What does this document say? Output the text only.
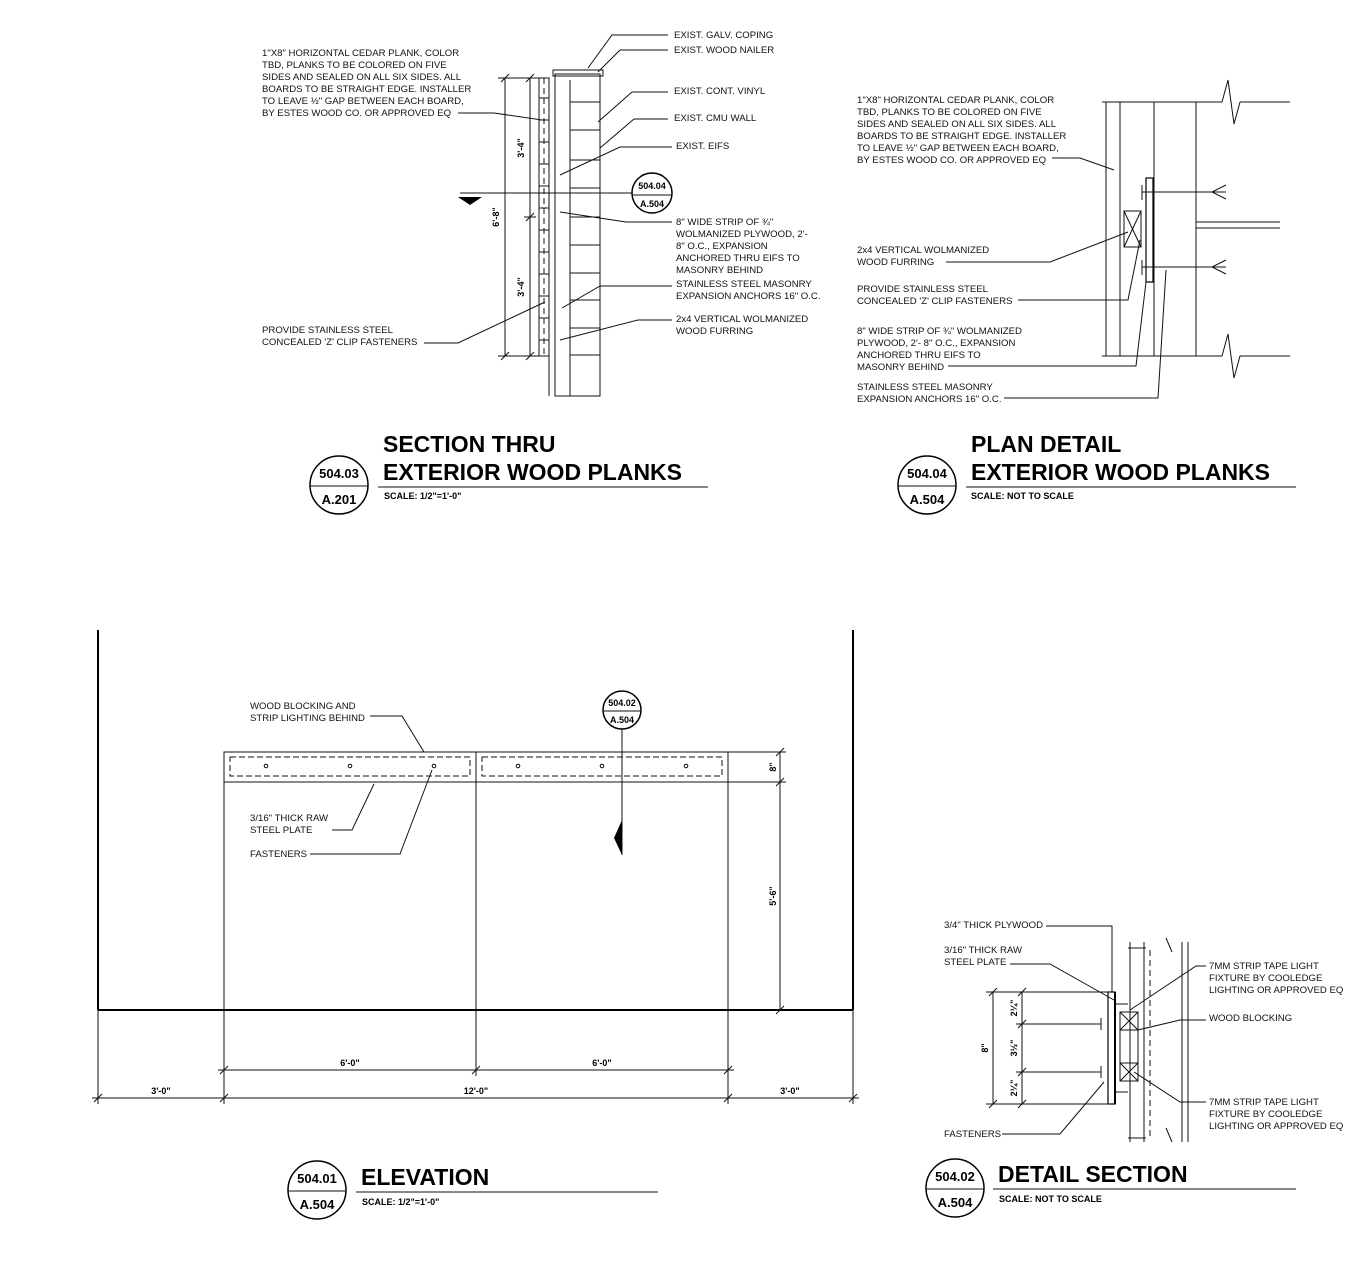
3'-4"
6'-8"
3'-4"
504.04
A.504
1"X8" HORIZONTAL CEDAR PLANK, COLOR TBD, PLANKS TO BE COLORED ON FIVE SIDES AND SEALED ON ALL SIX SIDES. ALL BOARDS TO BE STRAIGHT EDGE. INSTALLER TO LEAVE ½" GAP BETWEEN EACH BOARD, BY ESTES WOOD CO. OR APPROVED EQ
EXIST. GALV. COPING
EXIST. WOOD NAILER
EXIST. CONT. VINYL
EXIST. CMU WALL
EXIST. EIFS
8" WIDE STRIP OF ¾" WOLMANIZED PLYWOOD, 2'- 8" O.C., EXPANSION ANCHORED THRU EIFS TO MASONRY BEHIND
STAINLESS STEEL MASONRY EXPANSION ANCHORS 16" O.C.
2x4 VERTICAL WOLMANIZED WOOD FURRING
PROVIDE STAINLESS STEEL CONCEALED 'Z' CLIP FASTENERS
504.03
A.201
SECTION THRU
EXTERIOR WOOD PLANKS
SCALE: 1/2"=1'-0"
1"X8" HORIZONTAL CEDAR PLANK, COLOR TBD, PLANKS TO BE COLORED ON FIVE SIDES AND SEALED ON ALL SIX SIDES. ALL BOARDS TO BE STRAIGHT EDGE. INSTALLER TO LEAVE ½" GAP BETWEEN EACH BOARD, BY ESTES WOOD CO. OR APPROVED EQ
2x4 VERTICAL WOLMANIZED WOOD FURRING
PROVIDE STAINLESS STEEL CONCEALED 'Z' CLIP FASTENERS
8" WIDE STRIP OF ¾" WOLMANIZED PLYWOOD, 2'- 8" O.C., EXPANSION ANCHORED THRU EIFS TO MASONRY BEHIND
STAINLESS STEEL MASONRY EXPANSION ANCHORS 16" O.C.
504.04
A.504
PLAN DETAIL
EXTERIOR WOOD PLANKS
SCALE: NOT TO SCALE
504.02
A.504
8"
5'-6"
6'-0"	6'-0"
3'-0"	12'-0"	3'-0"
WOOD BLOCKING AND STRIP LIGHTING BEHIND
3/16" THICK RAW STEEL PLATE
FASTENERS
504.01
A.504
ELEVATION
SCALE: 1/2"=1'-0"
8"
2¼"
3½"
2¼"
3/4" THICK PLYWOOD
3/16" THICK RAW STEEL PLATE	7MM STRIP TAPE LIGHT FIXTURE BY COOLEDGE LIGHTING OR APPROVED EQ
WOOD BLOCKING
7MM STRIP TAPE LIGHT FIXTURE BY COOLEDGE LIGHTING OR APPROVED EQ
FASTENERS
504.02
A.504
DETAIL SECTION
SCALE: NOT TO SCALE
